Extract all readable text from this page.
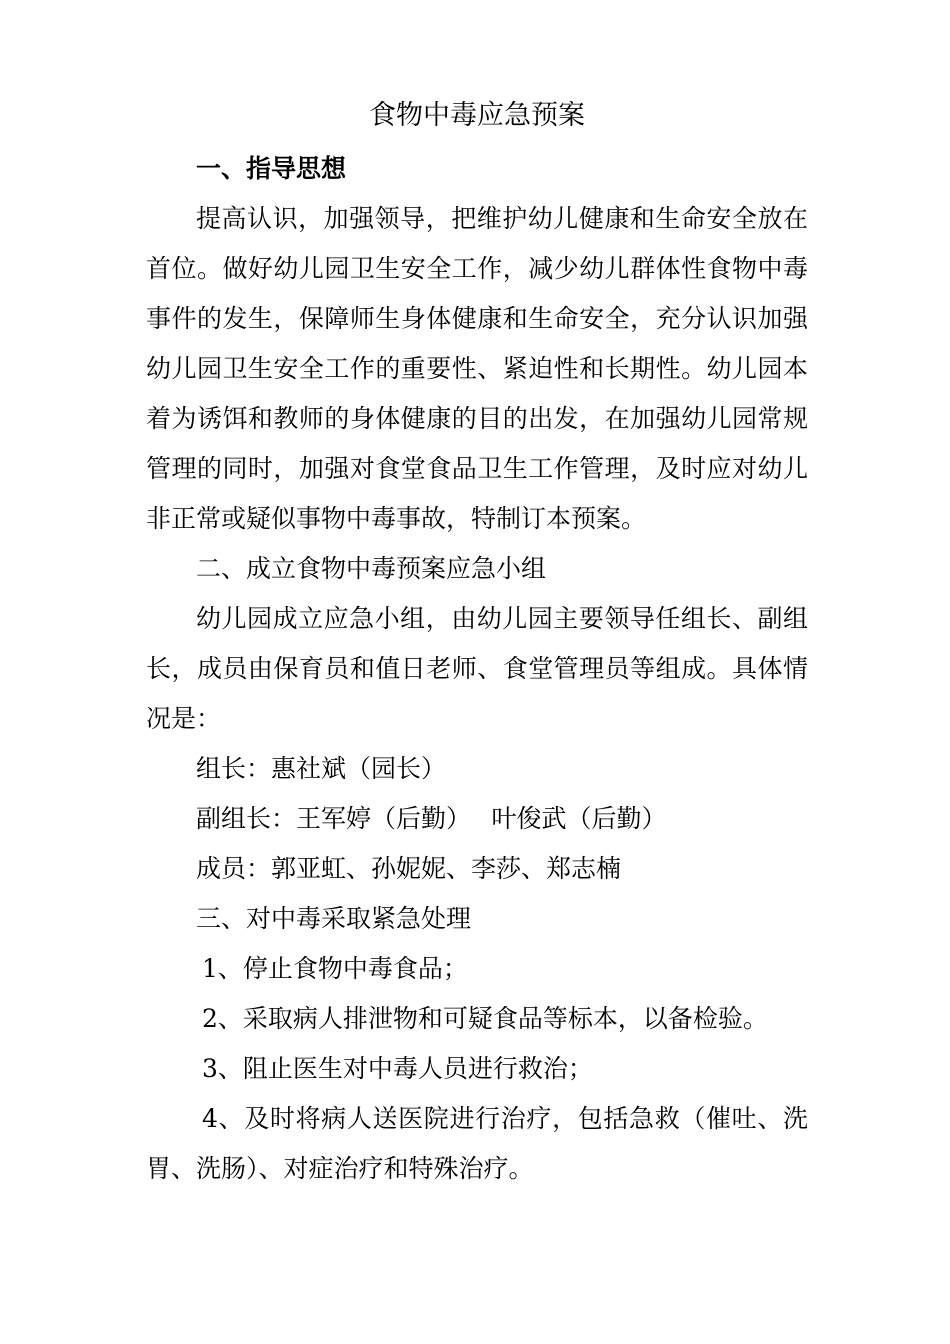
食物中毒应急预案

一、指导思想

提高认识，加强领导，把维护幼儿健康和生命安全放在首位。做好幼儿园卫生安全工作，减少幼儿群体性食物中毒事件的发生，保障师生身体健康和生命安全，充分认识加强幼儿园卫生安全工作的重要性、紧迫性和长期性。幼儿园本着为诱饵和教师的身体健康的目的出发，在加强幼儿园常规管理的同时，加强对食堂食品卫生工作管理，及时应对幼儿非正常或疑似事物中毒事故，特制订本预案。

二、成立食物中毒预案应急小组

幼儿园成立应急小组，由幼儿园主要领导任组长、副组长，成员由保育员和值日老师、食堂管理员等组成。具体情况是：

组长：惠社斌（园长）

副组长：王军婷（后勤）　 叶俊武（后勤）

成员：郭亚虹、孙妮妮、李莎、郑志楠

三、对中毒采取紧急处理

1、停止食物中毒食品；

2、采取病人排泄物和可疑食品等标本，以备检验。

3、阻止医生对中毒人员进行救治；

4、及时将病人送医院进行治疗，包括急救（催吐、洗胃、洗肠）、对症治疗和特殊治疗。
